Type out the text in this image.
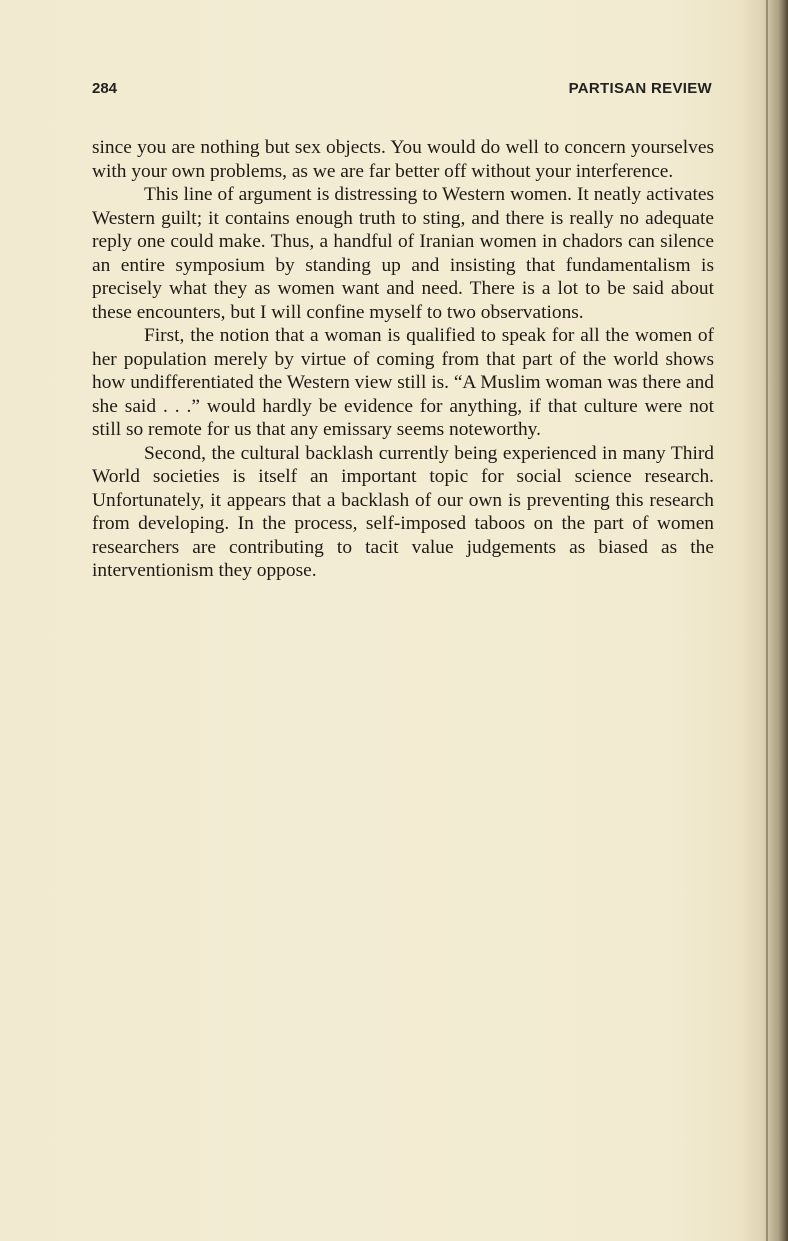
284	PARTISAN REVIEW

since you are nothing but sex objects. You would do well to concern yourselves with your own problems, as we are far better off without your interference.

This line of argument is distressing to Western women. It neatly activates Western guilt; it contains enough truth to sting, and there is really no adequate reply one could make. Thus, a handful of Iranian women in chadors can silence an entire symposium by standing up and insisting that fundamentalism is precisely what they as women want and need. There is a lot to be said about these encounters, but I will confine myself to two observations.

First, the notion that a woman is qualified to speak for all the women of her population merely by virtue of coming from that part of the world shows how undifferentiated the Western view still is. “A Muslim woman was there and she said . . .” would hardly be evidence for anything, if that culture were not still so remote for us that any emissary seems noteworthy.

Second, the cultural backlash currently being experienced in many Third World societies is itself an important topic for social science research. Unfortunately, it appears that a backlash of our own is preventing this research from developing. In the process, self-imposed taboos on the part of women researchers are contributing to tacit value judgements as biased as the interventionism they oppose.
